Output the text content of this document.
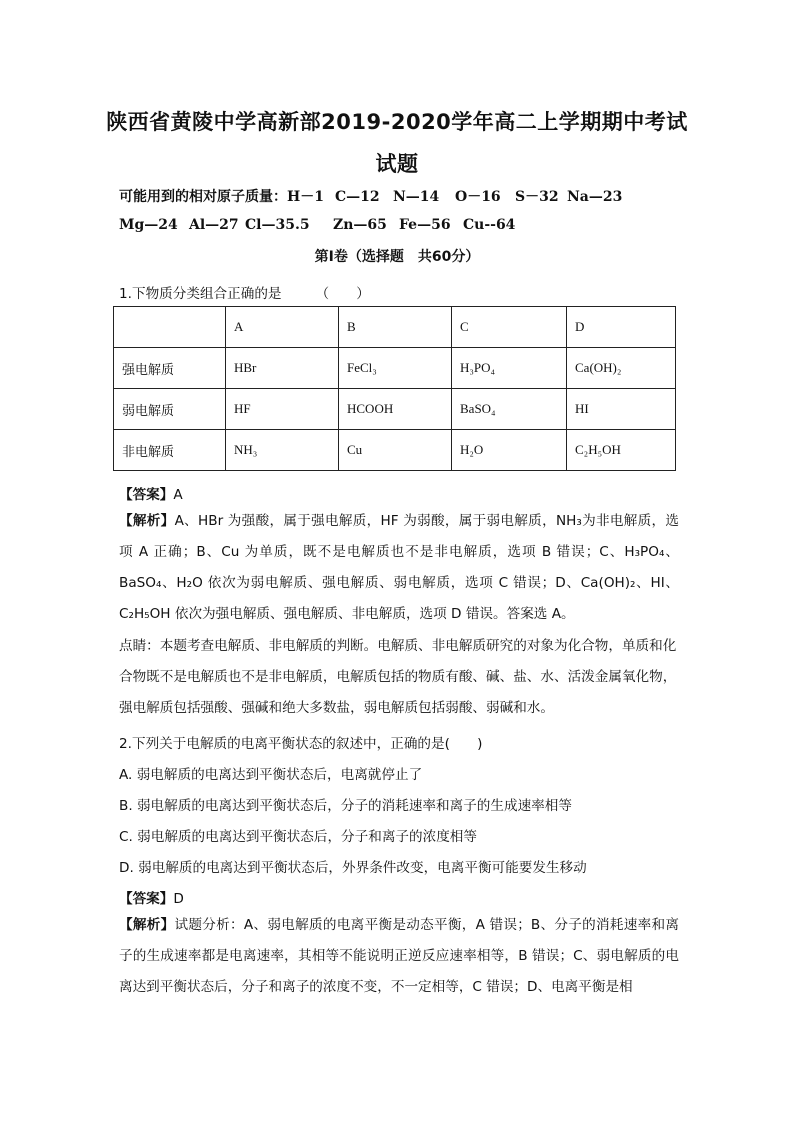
陕西省黄陵中学高新部2019-2020学年高二上学期期中考试
试题
可能用到的相对原子质量：H－1 C—12 N—14 O－16 S－32 Na—23
Mg—24 Al—27 Cl—35.5 Zn—65 Fe—56 Cu--64
第Ⅰ卷（选择题　共60分）
1.下物质分类组合正确的是　　　（　　）
	A	B	C	D
强电解质	HBr	FeCl₃	H₃PO₄	Ca(OH)₂
弱电解质	HF	HCOOH	BaSO₄	HI
非电解质	NH₃	Cu	H₂O	C₂H₅OH
【答案】A
【解析】A、HBr 为强酸，属于强电解质，HF 为弱酸，属于弱电解质，NH₃为非电解质，选项 A 正确；B、Cu 为单质，既不是电解质也不是非电解质，选项 B 错误；C、H₃PO₄、BaSO₄、H₂O 依次为弱电解质、强电解质、弱电解质，选项 C 错误；D、Ca(OH)₂、HI、C₂H₅OH 依次为强电解质、强电解质、非电解质，选项 D 错误。答案选 A。
点睛：本题考查电解质、非电解质的判断。电解质、非电解质研究的对象为化合物，单质和化合物既不是电解质也不是非电解质，电解质包括的物质有酸、碱、盐、水、活泼金属氧化物，强电解质包括强酸、强碱和绝大多数盐，弱电解质包括弱酸、弱碱和水。
2.下列关于电解质的电离平衡状态的叙述中，正确的是(　　)
A. 弱电解质的电离达到平衡状态后，电离就停止了
B. 弱电解质的电离达到平衡状态后，分子的消耗速率和离子的生成速率相等
C. 弱电解质的电离达到平衡状态后，分子和离子的浓度相等
D. 弱电解质的电离达到平衡状态后，外界条件改变，电离平衡可能要发生移动
【答案】D
【解析】试题分析：A、弱电解质的电离平衡是动态平衡，A 错误；B、分子的消耗速率和离子的生成速率都是电离速率，其相等不能说明正逆反应速率相等，B 错误；C、弱电解质的电离达到平衡状态后，分子和离子的浓度不变，不一定相等，C 错误；D、电离平衡是相
